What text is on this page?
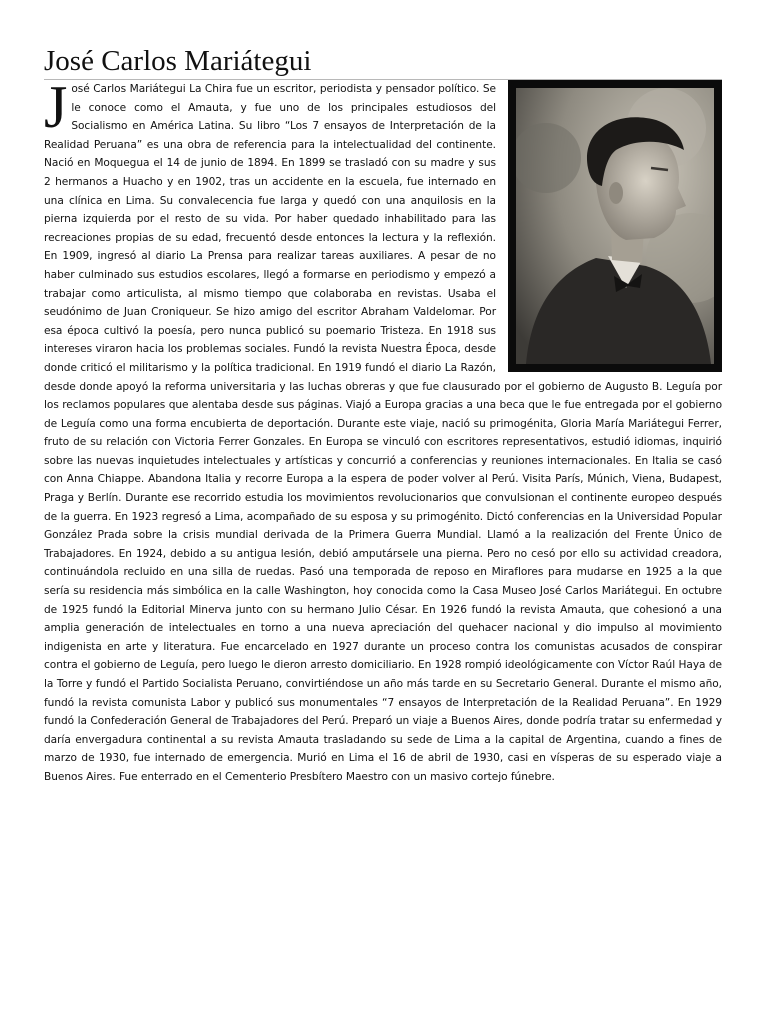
José Carlos Mariátegui
J osé Carlos Mariátegui La Chira fue un escritor, periodista y pensador político. Se le conoce como el Amauta, y fue uno de los principales estudiosos del Socialismo en América Latina. Su libro “Los 7 ensayos de Interpretación de la Realidad Peruana” es una obra de referencia para la intelectualidad del continente. Nació en Moquegua el 14 de junio de 1894. En 1899 se trasladó con su madre y sus 2 hermanos a Huacho y en 1902, tras un accidente en la escuela, fue internado en una clínica en Lima. Su convalecencia fue larga y quedó con una anquilosis en la pierna izquierda por el resto de su vida. Por haber quedado inhabilitado para las recreaciones propias de su edad, frecuentó desde entonces la lectura y la reflexión. En 1909, ingresó al diario La Prensa para realizar tareas auxiliares. A pesar de no haber culminado sus estudios escolares, llegó a formarse en periodismo y empezó a trabajar como articulista, al mismo tiempo que colaboraba en revistas. Usaba el seudónimo de Juan Croniqueur. Se hizo amigo del escritor Abraham Valdelomar. Por esa época cultivó la poesía, pero nunca publicó su poemario Tristeza. En 1918 sus intereses viraron hacia los problemas sociales. Fundó la revista Nuestra Época, desde donde criticó el militarismo y la política tradicional. En 1919 fundó el diario La Razón, desde donde apoyó la reforma universitaria y las luchas obreras y que fue clausurado por el gobierno de Augusto B. Leguía por los reclamos populares que alentaba desde sus páginas. Viajó a Europa gracias a una beca que le fue entregada por el gobierno de Leguía como una forma encubierta de deportación. Durante este viaje, nació su primogénita, Gloria María Mariátegui Ferrer, fruto de su relación con Victoria Ferrer Gonzales. En Europa se vinculó con escritores representativos, estudió idiomas, inquirió sobre las nuevas inquietudes intelectuales y artísticas y concurrió a conferencias y reuniones internacionales. En Italia se casó con Anna Chiappe. Abandona Italia y recorre Europa a la espera de poder volver al Perú. Visita París, Múnich, Viena, Budapest, Praga y Berlín. Durante ese recorrido estudia los movimientos revolucionarios que convulsionan el continente europeo después de la guerra. En 1923 regresó a Lima, acompañado de su esposa y su primogénito. Dictó conferencias en la Universidad Popular González Prada sobre la crisis mundial derivada de la Primera Guerra Mundial. Llamó a la realización del Frente Único de Trabajadores. En 1924, debido a su antigua lesión, debió amputársele una pierna. Pero no cesó por ello su actividad creadora, continuándola recluido en una silla de ruedas. Pasó una temporada de reposo en Miraflores para mudarse en 1925 a la que sería su residencia más simbólica en la calle Washington, hoy conocida como la Casa Museo José Carlos Mariátegui. En octubre de 1925 fundó la Editorial Minerva junto con su hermano Julio César. En 1926 fundó la revista Amauta, que cohesionó a una amplia generación de intelectuales en torno a una nueva apreciación del quehacer nacional y dio impulso al movimiento indigenista en arte y literatura. Fue encarcelado en 1927 durante un proceso contra los comunistas acusados de conspirar contra el gobierno de Leguía, pero luego le dieron arresto domiciliario. En 1928 rompió ideológicamente con Víctor Raúl Haya de la Torre y fundó el Partido Socialista Peruano, convirtiéndose un año más tarde en su Secretario General. Durante el mismo año, fundó la revista comunista Labor y publicó sus monumentales “7 ensayos de Interpretación de la Realidad Peruana”. En 1929 fundó la Confederación General de Trabajadores del Perú. Preparó un viaje a Buenos Aires, donde podría tratar su enfermedad y daría envergadura continental a su revista Amauta trasladando su sede de Lima a la capital de Argentina, cuando a fines de marzo de 1930, fue internado de emergencia. Murió en Lima el 16 de abril de 1930, casi en vísperas de su esperado viaje a Buenos Aires. Fue enterrado en el Cementerio Presbítero Maestro con un masivo cortejo fúnebre.
